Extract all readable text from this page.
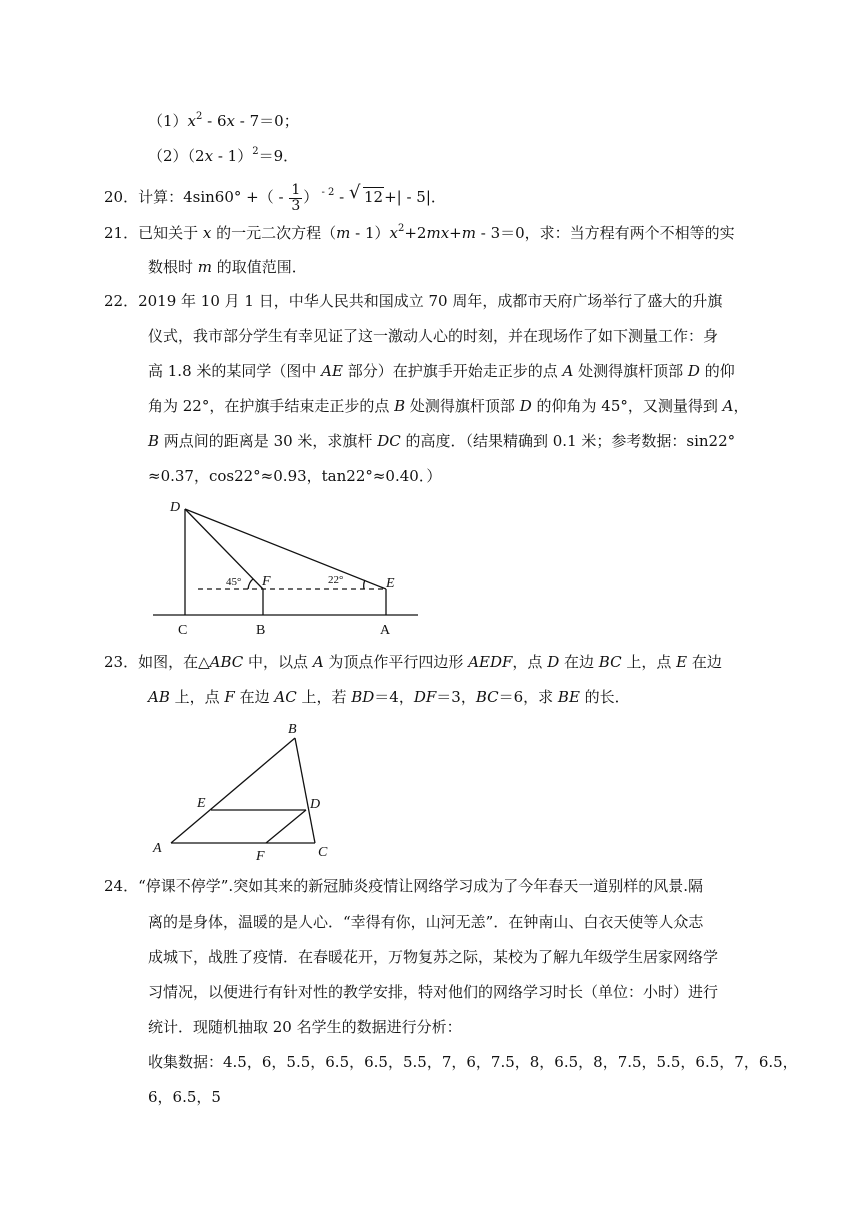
$(1)x^2 - 6x - 7=0$；
（2）（2x - 1）$^2$＝9．
20．计算：4sin60° +（ - $\frac{1}{3}$ ） $^{- 2}$ - √ 12+| - 5|．
21．已知关于 x 的一元二次方程$(m - 1)x^2+2mx+m - 3=0$，求：当方程有两个不相等的实
数根时 m 的取值范围．
22．2019 年 10 月 1 日，中华人民共和国成立 70 周年，成都市天府广场举行了盛大的升旗
仪式，我市部分学生有幸见证了这一激动人心的时刻，并在现场作了如下测量工作：身
高 1.8 米的某同学（图中 AE 部分）在护旗手开始走正步的点 A 处测得旗杆顶部 D 的仰
角为 22°，在护旗手结束走正步的点 B 处测得旗杆顶部 D 的仰角为 45°，又测量得到 A，
B 两点间的距离是 30 米，求旗杆 DC 的高度．（结果精确到 0.1 米；参考数据：sin22°
≈0.37，cos22°≈0.93，tan22°≈0.40．）
D
F	E
C	B	A
45°	22°
23．如图，在△ABC 中，以点 A 为顶点作平行四边形 AEDF，点 D 在边 BC 上，点 E 在边
AB 上，点 F 在边 AC 上，若 BD＝4，DF＝3，BC＝6，求 BE 的长．
B
E	D
A
F	C
24．“停课不停学”.突如其来的新冠肺炎疫情让网络学习成为了今年春天一道别样的风景.隔
离的是身体，温暖的是人心．“幸得有你，山河无恙”．在钟南山、白衣天使等人众志
成城下，战胜了疫情．在春暖花开，万物复苏之际，某校为了解九年级学生居家网络学
习情况，以便进行有针对性的教学安排，特对他们的网络学习时长（单位：小时）进行
统计．现随机抽取 20 名学生的数据进行分析：
收集数据：4.5，6，5.5，6.5，6.5，5.5，7，6，7.5，8，6.5，8，7.5，5.5，6.5，7，6.5，
6，6.5，5
